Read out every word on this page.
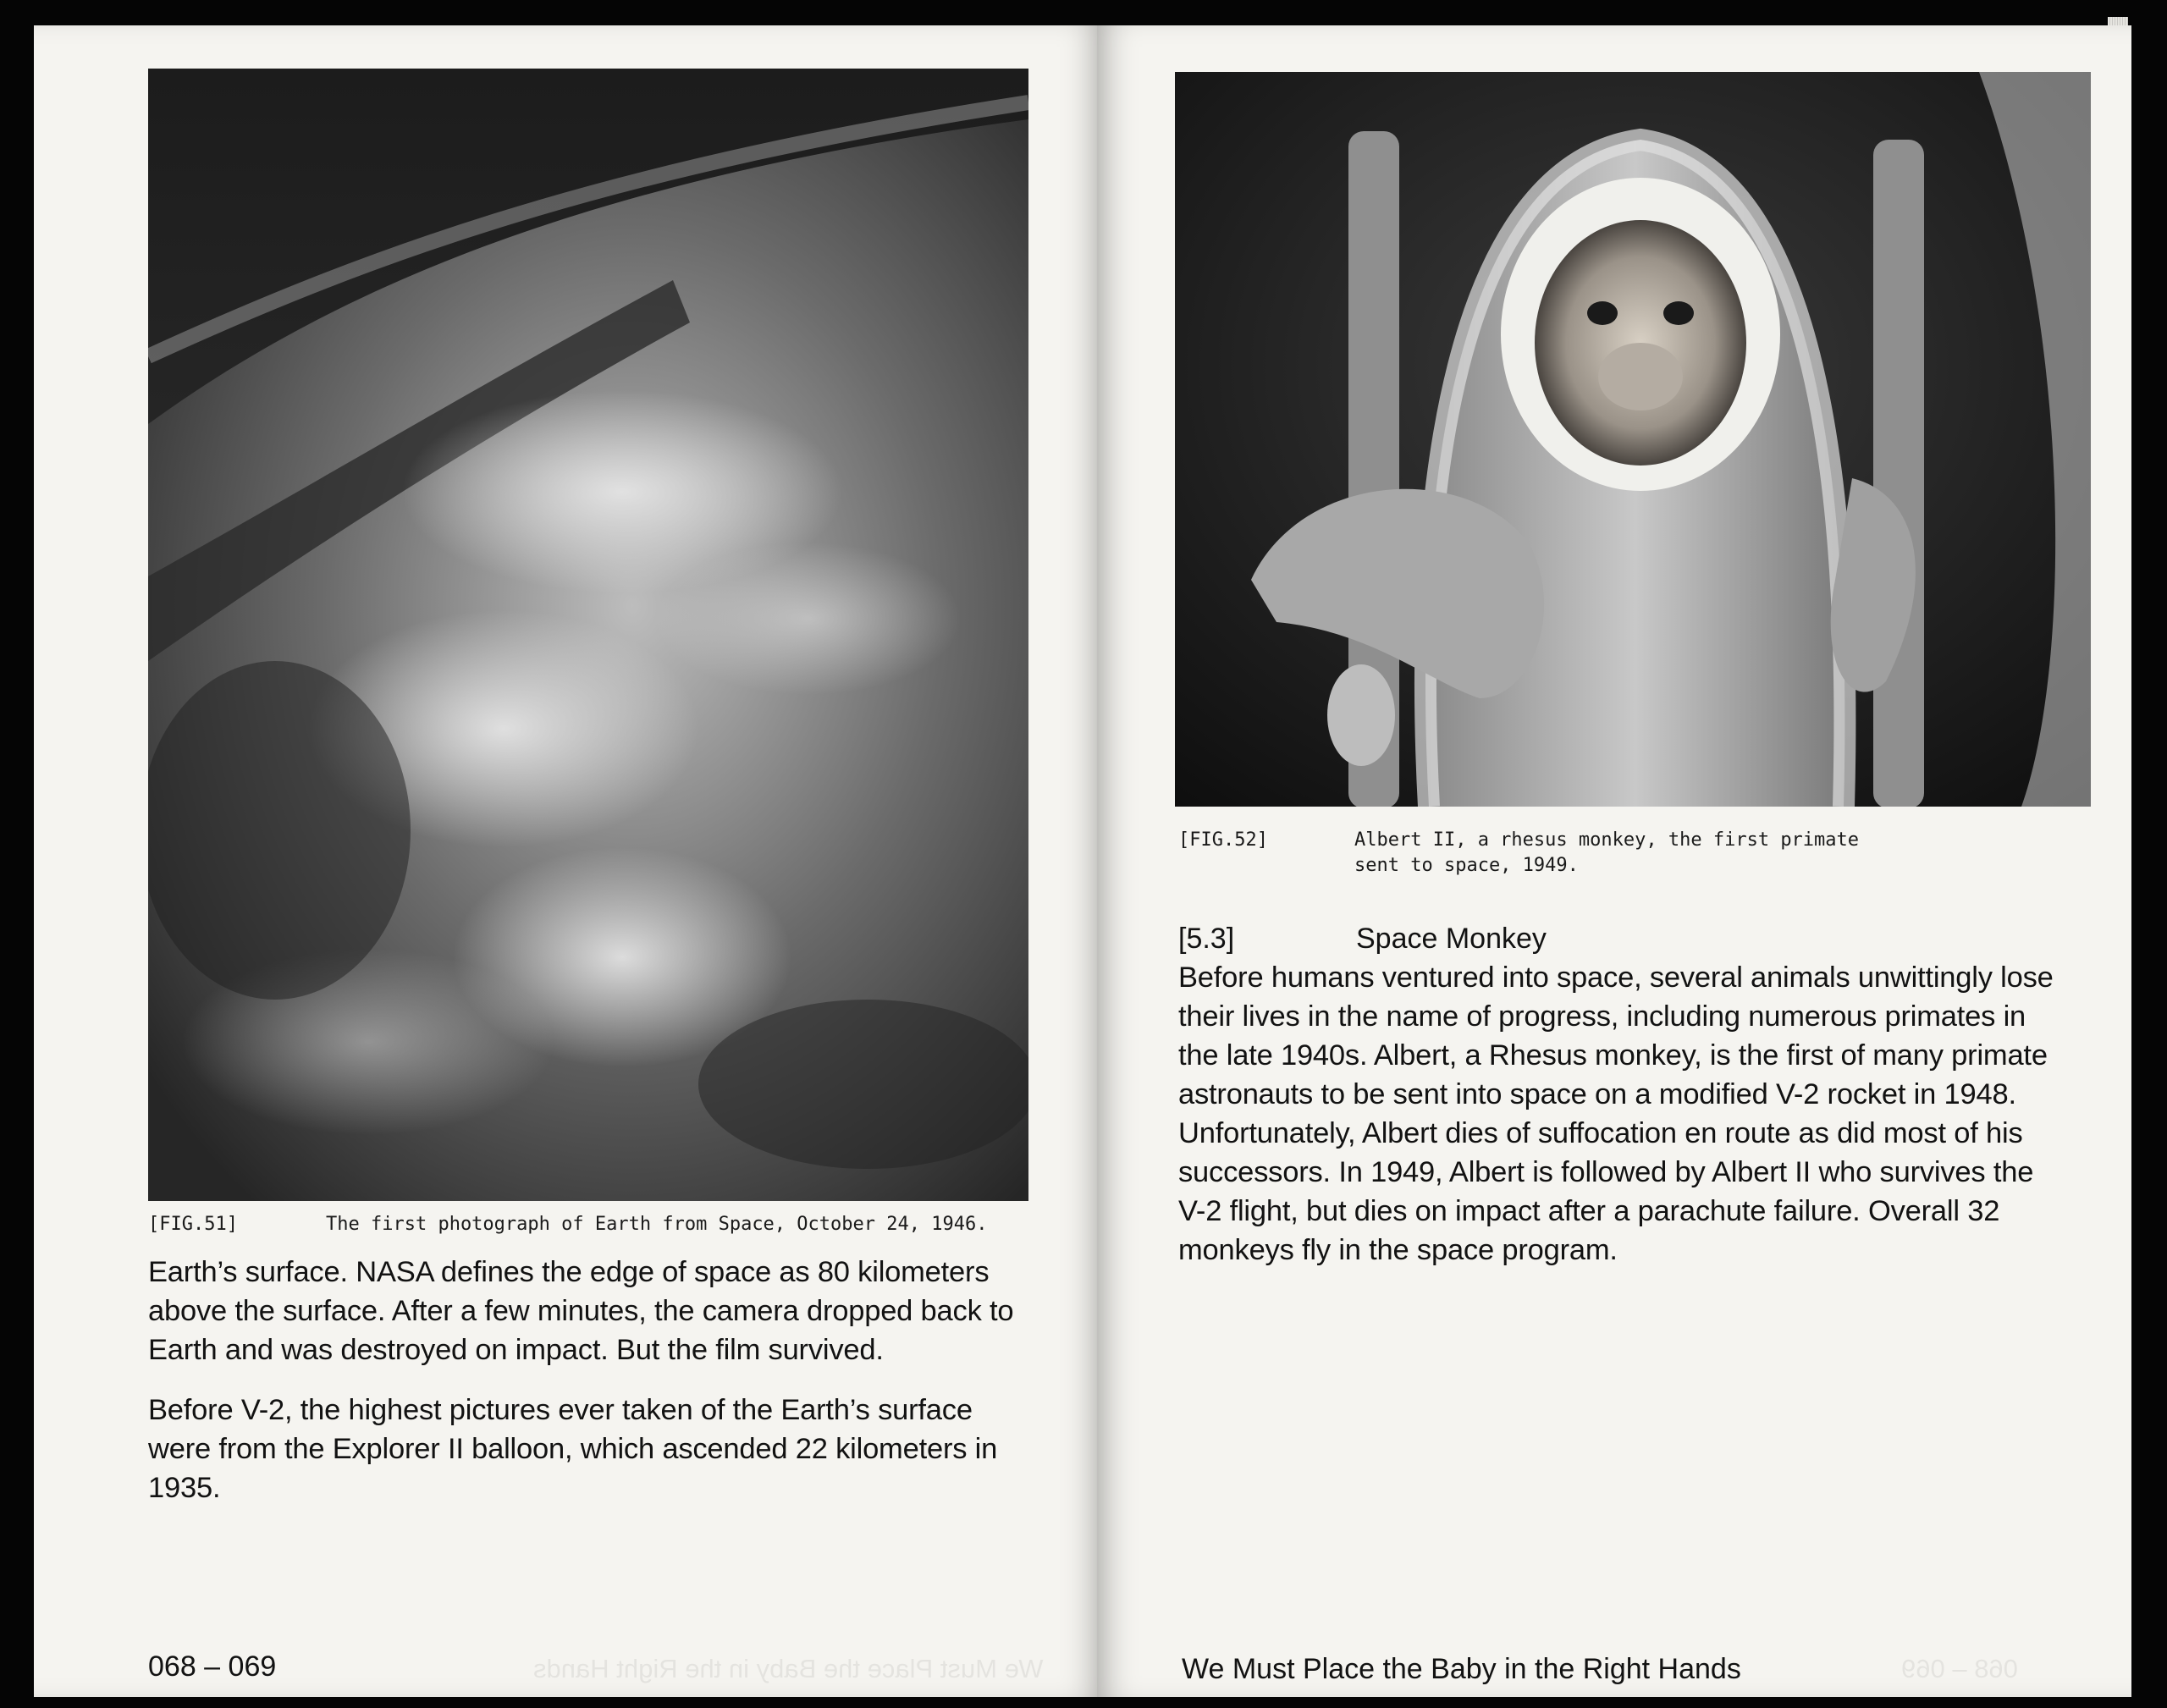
[FIG.51]	The first photograph of Earth from Space, October 24, 1946.

Earth’s surface. NASA defines the edge of space as 80 kilometers above the surface. After a few minutes, the camera dropped back to Earth and was destroyed on impact. But the film survived.

Before V-2, the highest pictures ever taken of the Earth’s surface were from the Explorer II balloon, which ascended 22 kilometers in 1935.

068 – 069	We Must Place the Baby in the Right Hands
[FIG.52]	Albert II, a rhesus monkey, the first primate sent to space, 1949.
[5.3]	Space Monkey

Before humans ventured into space, several animals unwittingly lose their lives in the name of progress, including numerous primates in the late 1940s. Albert, a Rhesus monkey, is the first of many primate astronauts to be sent into space on a modified V-2 rocket in 1948. Unfortunately, Albert dies of suffocation en route as did most of his successors. In 1949, Albert is followed by Albert II who survives the V-2 flight, but dies on impact after a parachute failure. Overall 32 monkeys fly in the space program.

We Must Place the Baby in the Right Hands	068 – 069
